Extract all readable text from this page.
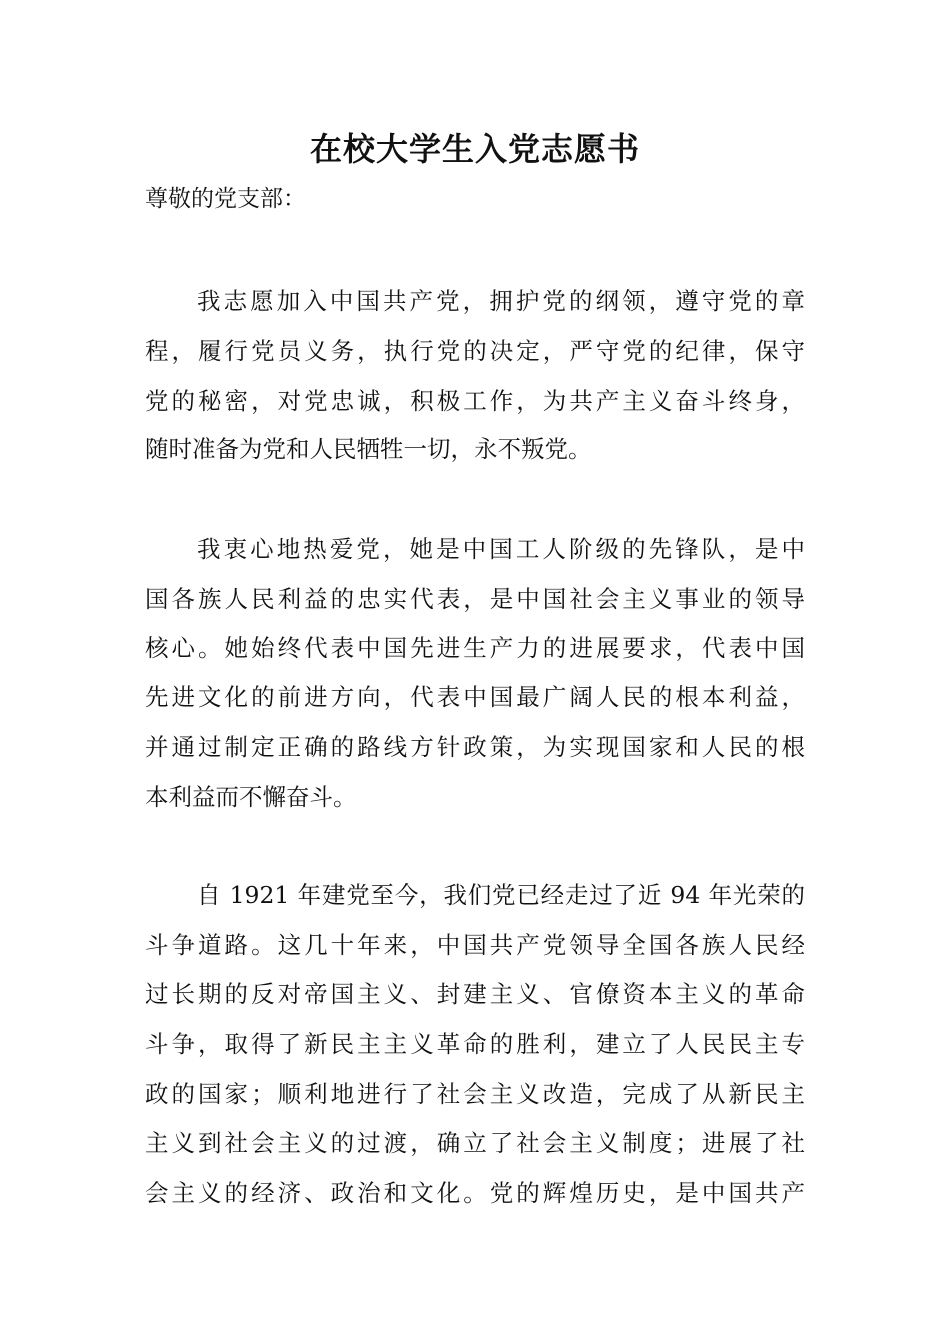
在校大学生入党志愿书

尊敬的党支部：

我志愿加入中国共产党，拥护党的纲领，遵守党的章

程，履行党员义务，执行党的决定，严守党的纪律，保守

党的秘密，对党忠诚，积极工作，为共产主义奋斗终身，

随时准备为党和人民牺牲一切，永不叛党。

我衷心地热爱党，她是中国工人阶级的先锋队，是中

国各族人民利益的忠实代表，是中国社会主义事业的领导

核心。她始终代表中国先进生产力的进展要求，代表中国

先进文化的前进方向，代表中国最广阔人民的根本利益，

并通过制定正确的路线方针政策，为实现国家和人民的根

本利益而不懈奋斗。

自 1921 年建党至今，我们党已经走过了近 94 年光荣的

斗争道路。这几十年来，中国共产党领导全国各族人民经

过长期的反对帝国主义、封建主义、官僚资本主义的革命

斗争，取得了新民主主义革命的胜利，建立了人民民主专

政的国家；顺利地进行了社会主义改造，完成了从新民主

主义到社会主义的过渡，确立了社会主义制度；进展了社

会主义的经济、政治和文化。党的辉煌历史，是中国共产
